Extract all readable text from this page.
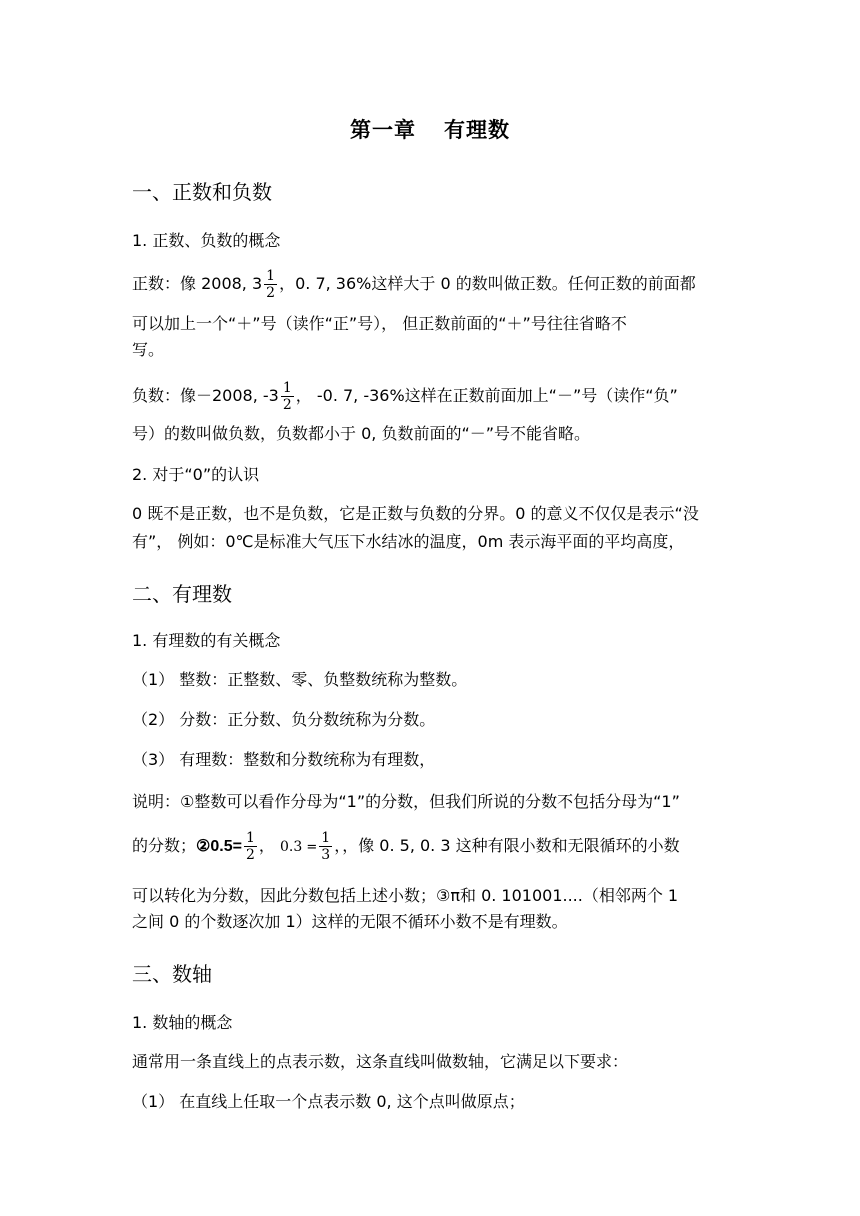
第一章 有理数
一、正数和负数
1. 正数、负数的概念
正数：像 2008, $3 \frac{1}{2}$ ，0. 7, 36%这样大于 0 的数叫做正数。任何正数的前面都
可以加上一个“＋”号（读作“正”号）， 但正数前面的“＋”号往往省略不
写。
负数：像－2008, $-3 \frac{1}{2}$ ， -0. 7, -36%这样在正数前面加上“－”号（读作“负”
号）的数叫做负数，负数都小于 0, 负数前面的“－”号不能省略。
2. 对于“0”的认识
0 既不是正数，也不是负数，它是正数与负数的分界。0 的意义不仅仅是表示“没
有”， 例如：0℃是标准大气压下水结冰的温度，0m 表示海平面的平均高度，
二、有理数
1. 有理数的有关概念
（1） 整数：正整数、零、负整数统称为整数。
（2） 分数：正分数、负分数统称为分数。
（3） 有理数：整数和分数统称为有理数，
说明：①整数可以看作分母为“1”的分数，但我们所说的分数不包括分母为“1”
的分数；②0.5= $\frac{1}{2}$ ， $0.3 = \frac{1}{3}$ ，，像 0. 5, 0. 3 这种有限小数和无限循环的小数
可以转化为分数，因此分数包括上述小数；③π和 0. 101001....（相邻两个 1
之间 0 的个数逐次加 1）这样的无限不循环小数不是有理数。
三、数轴
1. 数轴的概念
通常用一条直线上的点表示数，这条直线叫做数轴，它满足以下要求：
（1） 在直线上任取一个点表示数 0, 这个点叫做原点；
